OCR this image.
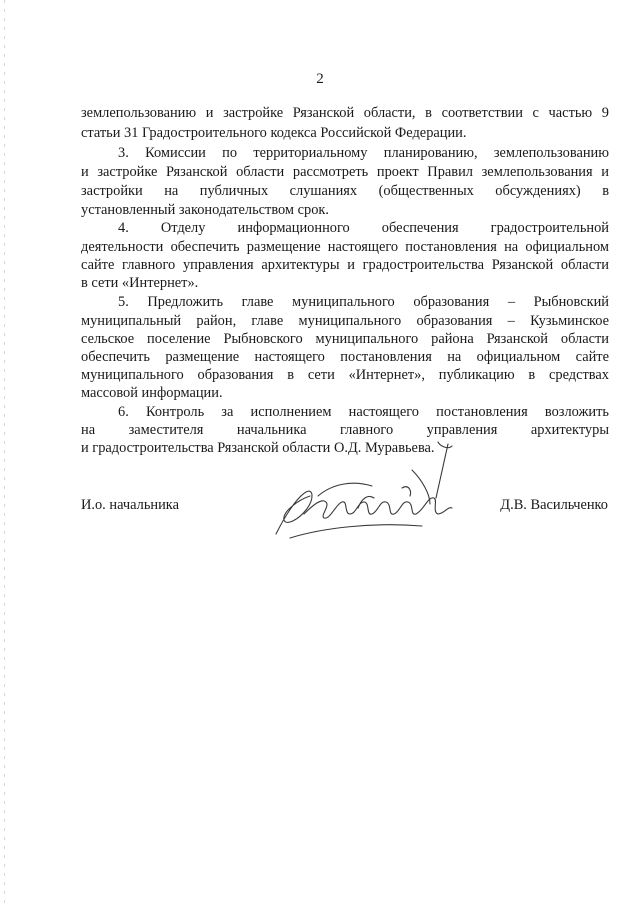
2
землепользованию и застройке Рязанской области, в соответствии с частью 9
статьи 31 Градостроительного кодекса Российской Федерации.
3. Комиссии по территориальному планированию, землепользованию
и застройке Рязанской области рассмотреть проект Правил землепользования и
застройки на публичных слушаниях (общественных обсуждениях) в
установленный законодательством срок.
4. Отделу информационного обеспечения градостроительной
деятельности обеспечить размещение настоящего постановления на официальном
сайте главного управления архитектуры и градостроительства Рязанской области
в сети «Интернет».
5. Предложить главе муниципального образования – Рыбновский
муниципальный район, главе муниципального образования – Кузьминское
сельское поселение Рыбновского муниципального района Рязанской области
обеспечить размещение настоящего постановления на официальном сайте
муниципального образования в сети «Интернет», публикацию в средствах
массовой информации.
6. Контроль за исполнением настоящего постановления возложить
на заместителя начальника главного управления архитектуры
и градостроительства Рязанской области О.Д. Муравьева.
И.о. начальника	Д.В. Васильченко
